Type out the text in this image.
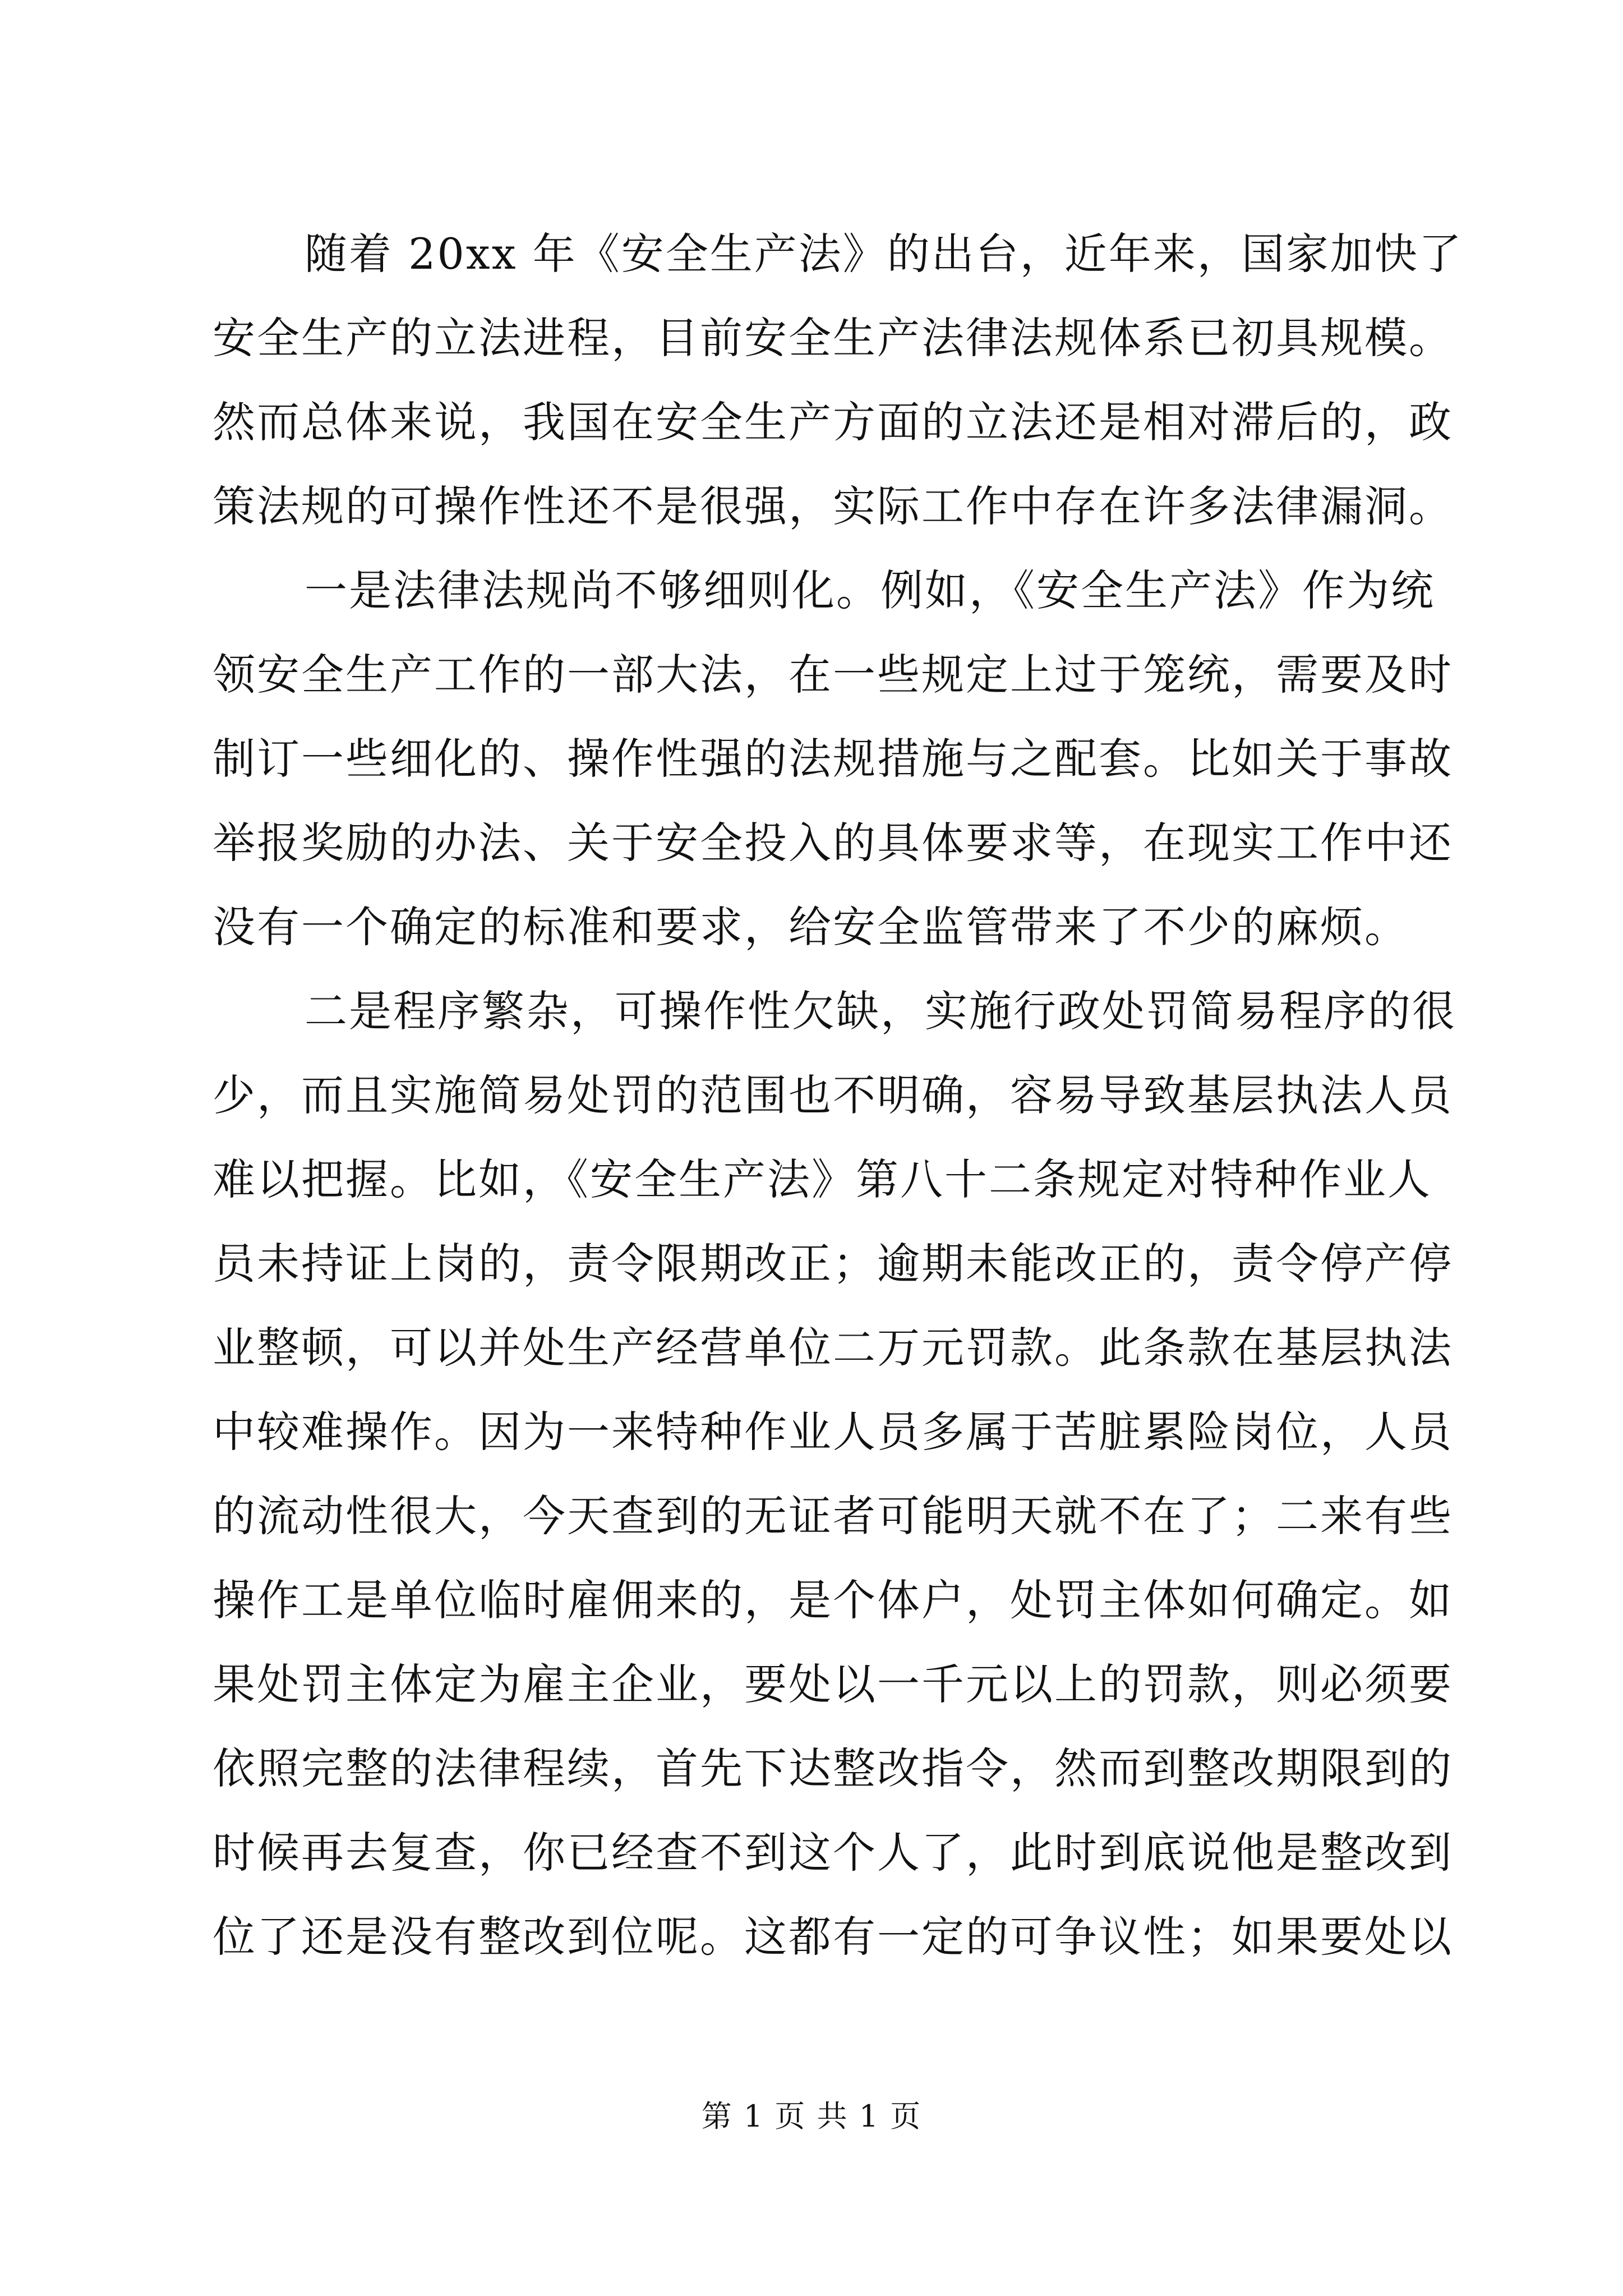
随着 20xx 年《安全生产法》的出台，近年来，国家加快了
安全生产的立法进程，目前安全生产法律法规体系已初具规模。
然而总体来说，我国在安全生产方面的立法还是相对滞后的，政
策法规的可操作性还不是很强，实际工作中存在许多法律漏洞。
一是法律法规尚不够细则化。例如，《安全生产法》作为统
领安全生产工作的一部大法，在一些规定上过于笼统，需要及时
制订一些细化的、操作性强的法规措施与之配套。比如关于事故
举报奖励的办法、关于安全投入的具体要求等，在现实工作中还
没有一个确定的标准和要求，给安全监管带来了不少的麻烦。
二是程序繁杂，可操作性欠缺，实施行政处罚简易程序的很
少，而且实施简易处罚的范围也不明确，容易导致基层执法人员
难以把握。比如，《安全生产法》第八十二条规定对特种作业人
员未持证上岗的，责令限期改正；逾期未能改正的，责令停产停
业整顿，可以并处生产经营单位二万元罚款。此条款在基层执法
中较难操作。因为一来特种作业人员多属于苦脏累险岗位，人员
的流动性很大，今天查到的无证者可能明天就不在了；二来有些
操作工是单位临时雇佣来的，是个体户，处罚主体如何确定。如
果处罚主体定为雇主企业，要处以一千元以上的罚款，则必须要
依照完整的法律程续，首先下达整改指令，然而到整改期限到的
时候再去复查，你已经查不到这个人了，此时到底说他是整改到
位了还是没有整改到位呢。这都有一定的可争议性；如果要处以
第 1 页 共 1 页
